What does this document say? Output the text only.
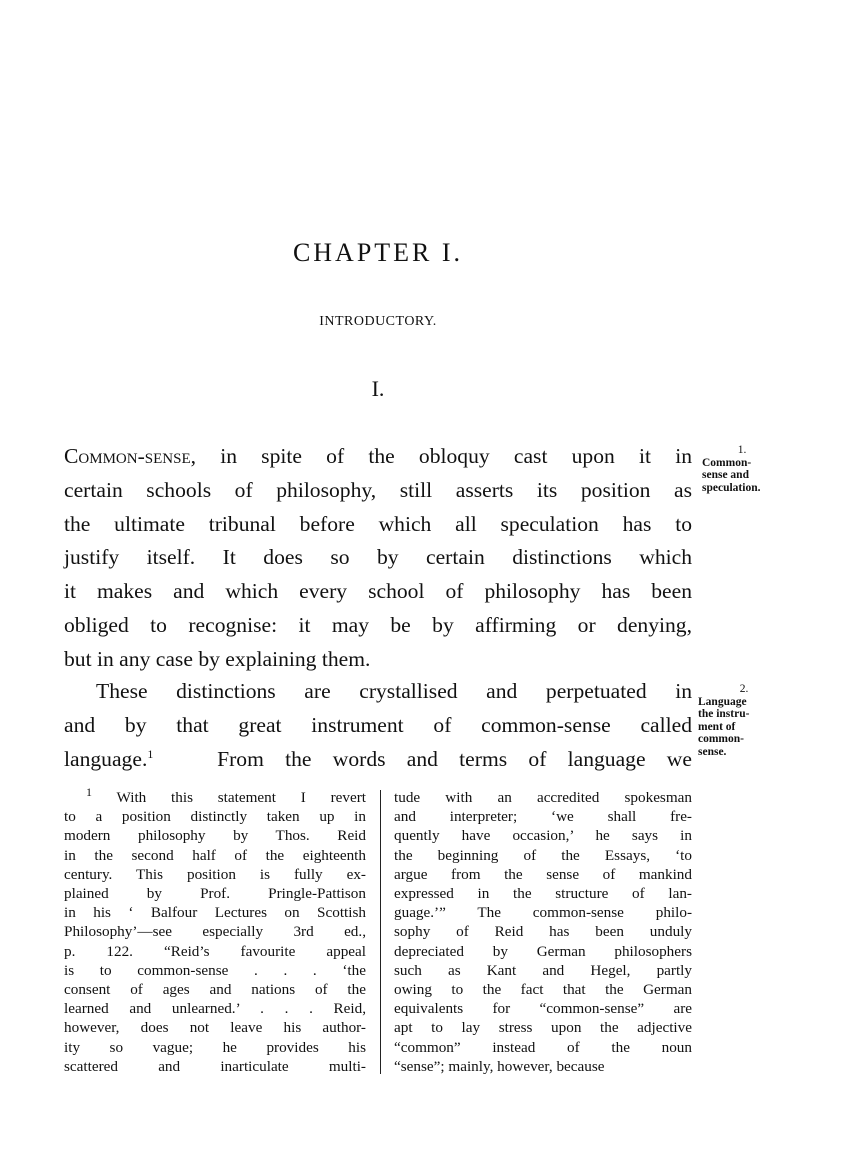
CHAPTER I.
INTRODUCTORY.
I.
Common-sense, in spite of the obloquy cast upon it in
certain schools of philosophy, still asserts its position as
the ultimate tribunal before which all speculation has to
justify itself. It does so by certain distinctions which
it makes and which every school of philosophy has been
obliged to recognise: it may be by affirming or denying,
but in any case by explaining them.
These distinctions are crystallised and perpetuated in
and by that great instrument of common-sense called
language.$^1$	From the words and terms of language we
1.
Common-
sense and
speculation.
2.
Language
the instru-
ment of
common-
sense.
$^1$ With this statement I revert
to a position distinctly taken up in
modern philosophy by Thos. Reid
in the second half of the eighteenth
century. This position is fully ex-
plained by Prof. Pringle-Pattison
in his ‘ Balfour Lectures on Scottish
Philosophy’—see especially 3rd ed.,
p. 122. “Reid’s favourite appeal
is to common-sense . . . ‘the
consent of ages and nations of the
learned and unlearned.’ . . . Reid,
however, does not leave his author-
ity so vague; he provides his
scattered and inarticulate multi-
tude with an accredited spokesman
and interpreter; ‘we shall fre-
quently have occasion,’ he says in
the beginning of the Essays, ‘to
argue from the sense of mankind
expressed in the structure of lan-
guage.’” The common-sense philo-
sophy of Reid has been unduly
depreciated by German philosophers
such as Kant and Hegel, partly
owing to the fact that the German
equivalents for “common-sense” are
apt to lay stress upon the adjective
“common” instead of the noun
“sense”; mainly, however, because
